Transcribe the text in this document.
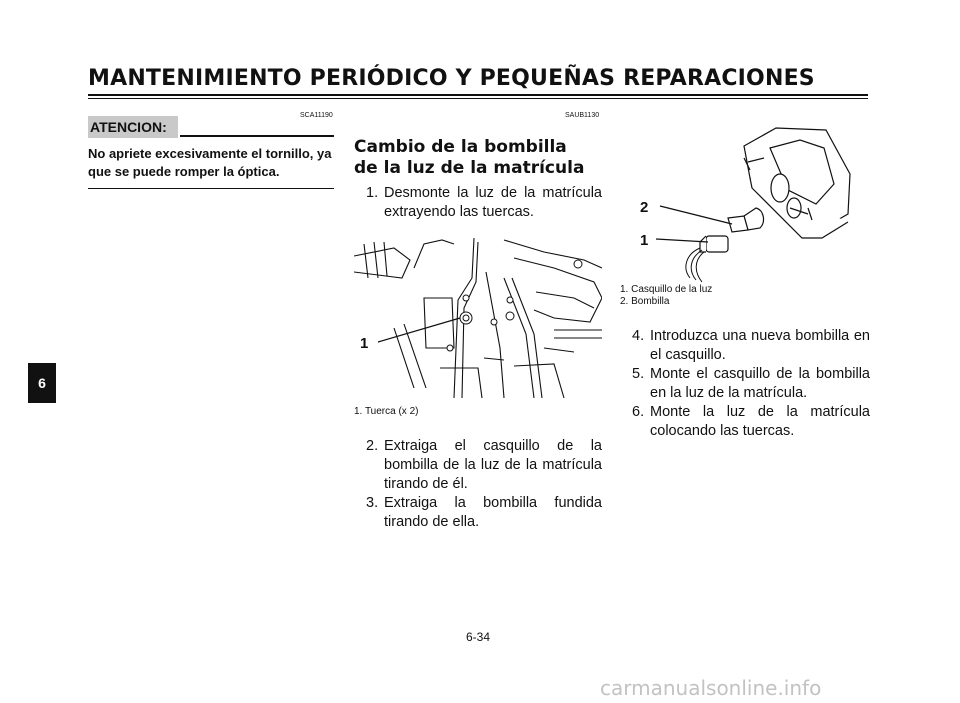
MANTENIMIENTO PERIÓDICO Y PEQUEÑAS REPARACIONES
SCA11190
ATENCION:
No apriete excesivamente el tornillo, ya que se puede romper la óptica.
SAUB1130
Cambio de la bombilla
de la luz de la matrícula
1. Desmonte la luz de la matrícula extrayendo las tuercas.
1
1. Tuerca (x 2)
2. Extraiga el casquillo de la bombilla de la luz de la matrícula tirando de él.
3. Extraiga la bombilla fundida tirando de ella.
2
1
1. Casquillo de la luz
2. Bombilla
4. Introduzca una nueva bombilla en el casquillo.
5. Monte el casquillo de la bombilla en la luz de la matrícula.
6. Monte la luz de la matrícula colocando las tuercas.
6
6-34
carmanualsonline.info
